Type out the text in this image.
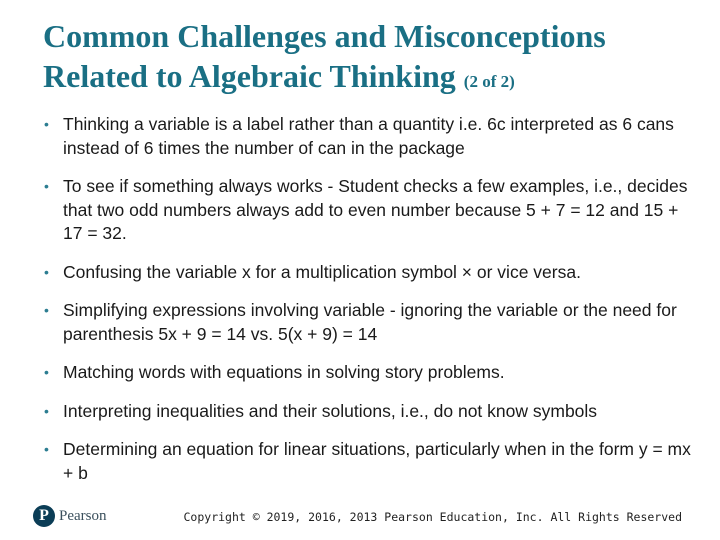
Common Challenges and Misconceptions Related to Algebraic Thinking (2 of 2)
• Thinking a variable is a label rather than a quantity i.e. 6c interpreted as 6 cans instead of 6 times the number of can in the package
• To see if something always works - Student checks a few examples, i.e., decides that two odd numbers always add to even number because 5 + 7 = 12 and 15 + 17 = 32.
• Confusing the variable x for a multiplication symbol × or vice versa.
• Simplifying expressions involving variable - ignoring the variable or the need for parenthesis 5x + 9 = 14 vs. 5(x + 9) = 14
• Matching words with equations in solving story problems.
• Interpreting inequalities and their solutions, i.e., do not know symbols
• Determining an equation for linear situations, particularly when in the form y = mx + b
P Pearson	Copyright © 2019, 2016, 2013 Pearson Education, Inc. All Rights Reserved
